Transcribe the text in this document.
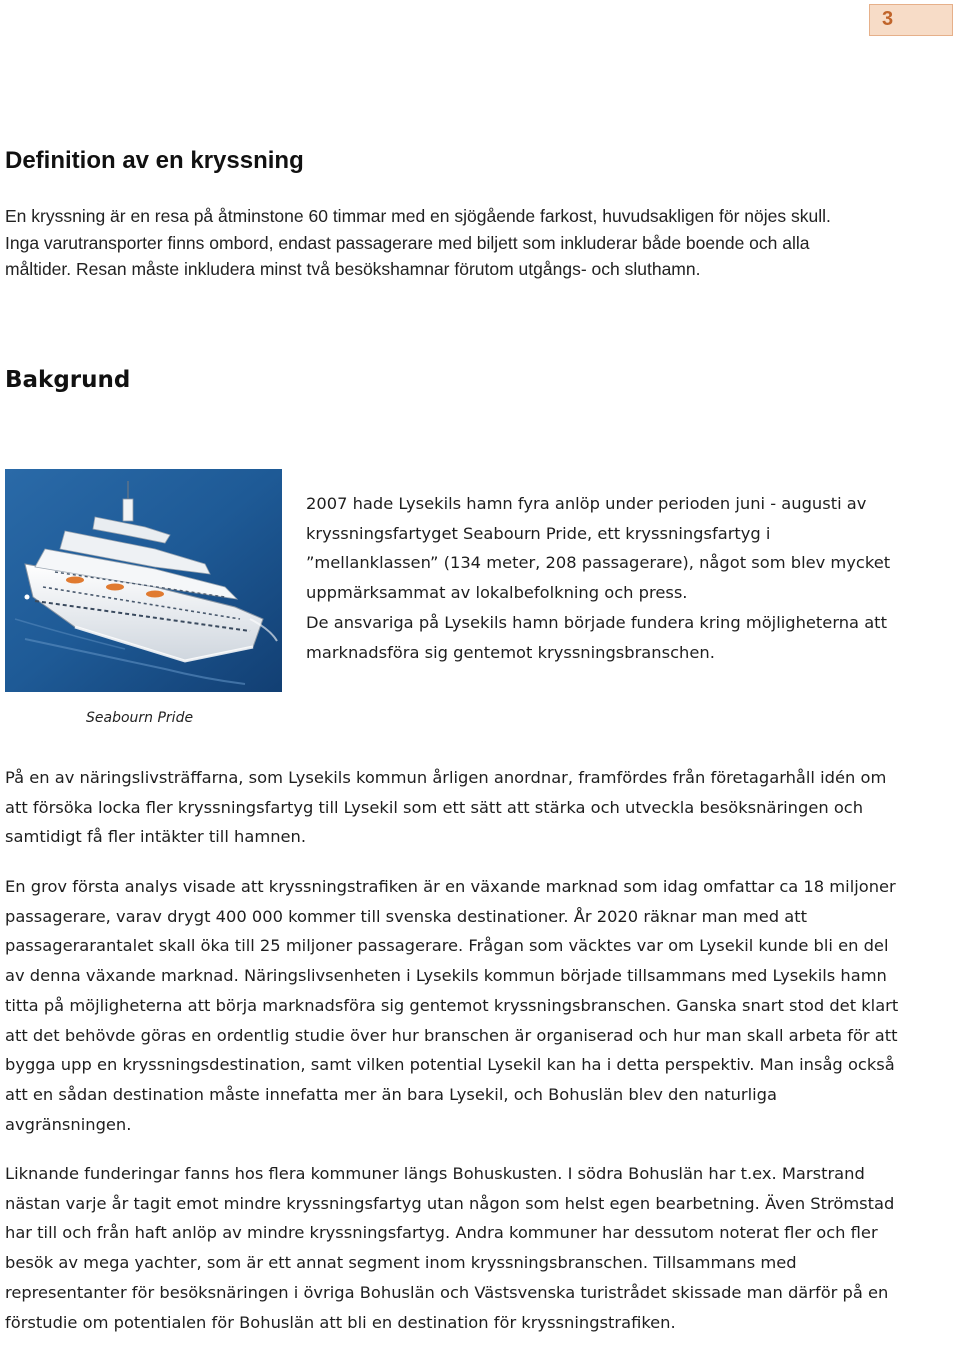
3
Definition av en kryssning

En kryssning är en resa på åtminstone 60 timmar med en sjögående farkost, huvudsakligen för nöjes skull. Inga varutransporter finns ombord, endast passagerare med biljett som inkluderar både boende och alla måltider. Resan måste inkludera minst två besökshamnar förutom utgångs- och sluthamn.

Bakgrund

Seabourn Pride

2007 hade Lysekils hamn fyra anlöp under perioden juni - augusti av kryssningsfartyget Seabourn Pride, ett kryssningsfartyg i ”mellanklassen” (134 meter, 208 passagerare), något som blev mycket uppmärksammat av lokalbefolkning och press.

De ansvariga på Lysekils hamn började fundera kring möjligheterna att marknadsföra sig gentemot kryssningsbranschen.

På en av näringslivsträffarna, som Lysekils kommun årligen anordnar, framfördes från företagarhåll idén om att försöka locka fler kryssningsfartyg till Lysekil som ett sätt att stärka och utveckla besöksnäringen och samtidigt få fler intäkter till hamnen.

En grov första analys visade att kryssningstrafiken är en växande marknad som idag omfattar ca 18 miljoner passagerare, varav drygt 400 000 kommer till svenska destinationer. År 2020 räknar man med att passagerarantalet skall öka till 25 miljoner passagerare. Frågan som väcktes var om Lysekil kunde bli en del av denna växande marknad. Näringslivsenheten i Lysekils kommun började tillsammans med Lysekils hamn titta på möjligheterna att börja marknadsföra sig gentemot kryssningsbranschen. Ganska snart stod det klart att det behövde göras en ordentlig studie över hur branschen är organiserad och hur man skall arbeta för att bygga upp en kryssningsdestination, samt vilken potential Lysekil kan ha i detta perspektiv. Man insåg också att en sådan destination måste innefatta mer än bara Lysekil, och Bohuslän blev den naturliga avgränsningen.

Liknande funderingar fanns hos flera kommuner längs Bohuskusten. I södra Bohuslän har t.ex. Marstrand nästan varje år tagit emot mindre kryssningsfartyg utan någon som helst egen bearbetning. Även Strömstad har till och från haft anlöp av mindre kryssningsfartyg. Andra kommuner har dessutom noterat fler och fler besök av mega yachter, som är ett annat segment inom kryssningsbranschen. Tillsammans med representanter för besöksnäringen i övriga Bohuslän och Västsvenska turistrådet skissade man därför på en förstudie om potentialen för Bohuslän att bli en destination för kryssningstrafiken.
